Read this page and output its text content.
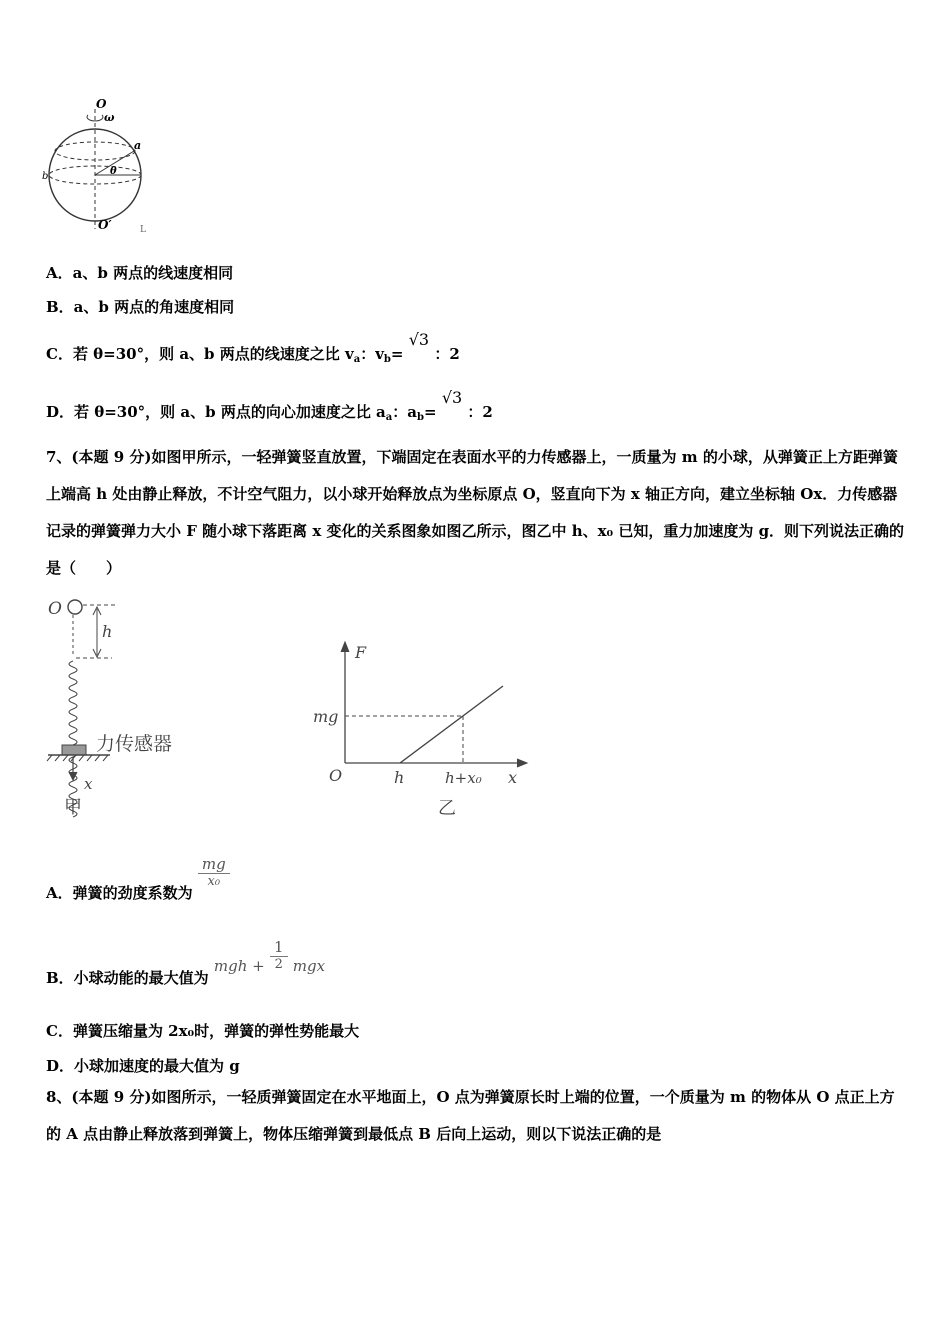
O
ω
a
b	θ
O′	L
A．a、b 两点的线速度相同
B．a、b 两点的角速度相同
C．若 θ=30°，则 a、b 两点的线速度之比 $v_a$：$v_b= √3$ ：2
D．若 θ=30°，则 a、b 两点的向心加速度之比 $a_a$：$a_b= √3$ ：2
7、(本题 9 分)如图甲所示，一轻弹簧竖直放置，下端固定在表面水平的力传感器上，一质量为 m 的小球，从弹簧正上方距弹簧上端高 h 处由静止释放，不计空气阻力，以小球开始释放点为坐标原点 O，竖直向下为 x 轴正方向，建立坐标轴 Ox．力传感器记录的弹簧弹力大小 F 随小球下落距离 x 变化的关系图象如图乙所示，图乙中 h、x₀ 已知，重力加速度为 g．则下列说法正确的是（　　）
O
h
力传感器
x
甲
F
mg
O	h	h+x₀ x
乙
A．弹簧的劲度系数为
$\frac{mg}{\text{x₀}}$
B．小球动能的最大值为 mgh + $\frac{1}{2}$ mgx
C．弹簧压缩量为 2x₀时，弹簧的弹性势能最大
D．小球加速度的最大值为 g
8、(本题 9 分)如图所示，一轻质弹簧固定在水平地面上，O 点为弹簧原长时上端的位置，一个质量为 m 的物体从 O 点正上方的 A 点由静止释放落到弹簧上，物体压缩弹簧到最低点 B 后向上运动，则以下说法正确的是
